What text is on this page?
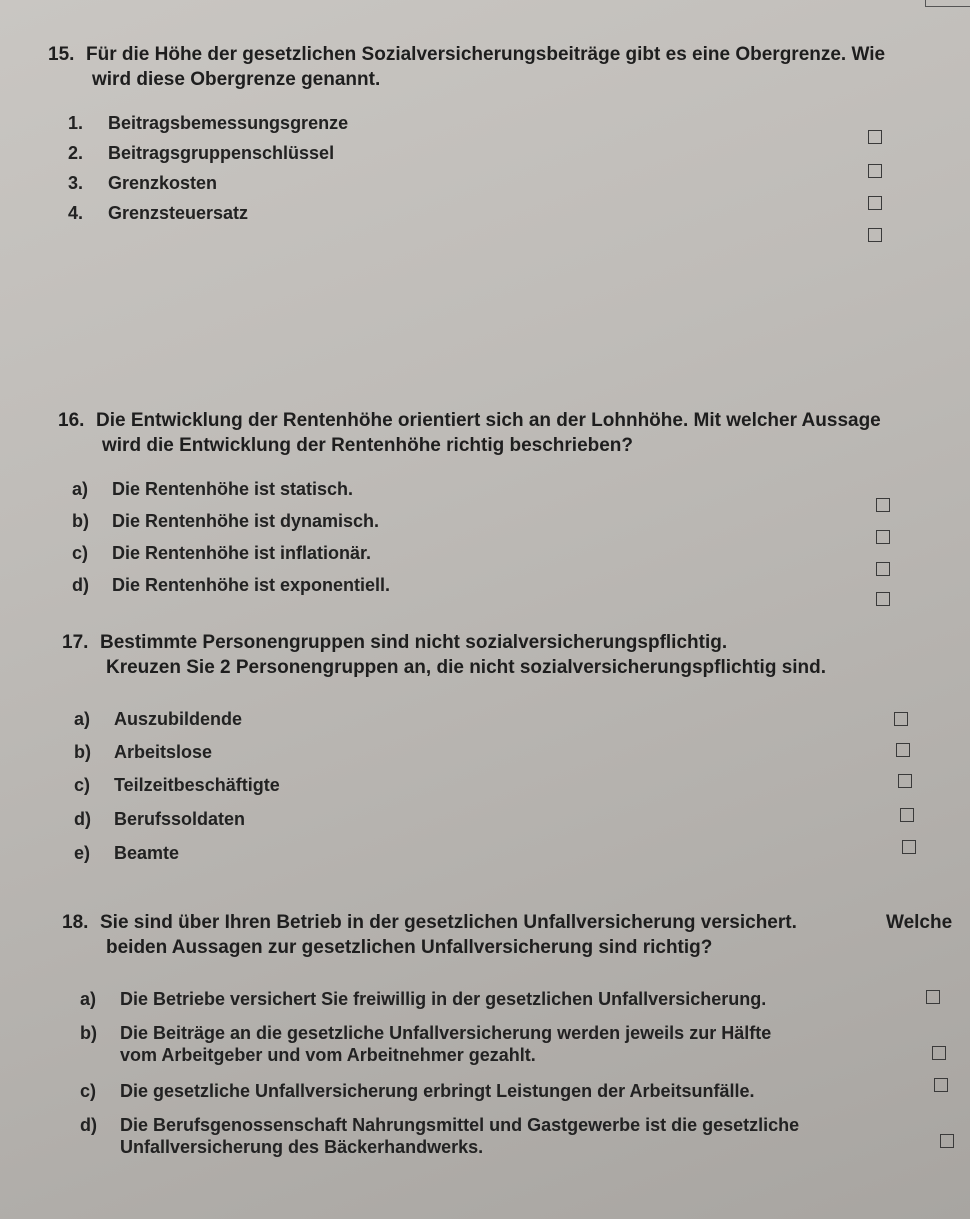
15. Für die Höhe der gesetzlichen Sozialversicherungsbeiträge gibt es eine Obergrenze. Wie
wird diese Obergrenze genannt.
1. Beitragsbemessungsgrenze
2. Beitragsgruppenschlüssel
3. Grenzkosten
4. Grenzsteuersatz
16. Die Entwicklung der Rentenhöhe orientiert sich an der Lohnhöhe. Mit welcher Aussage
wird die Entwicklung der Rentenhöhe richtig beschrieben?
a) Die Rentenhöhe ist statisch.
b) Die Rentenhöhe ist dynamisch.
c) Die Rentenhöhe ist inflationär.
d) Die Rentenhöhe ist exponentiell.
17. Bestimmte Personengruppen sind nicht sozialversicherungspflichtig.
Kreuzen Sie 2 Personengruppen an, die nicht sozialversicherungspflichtig sind.
a) Auszubildende
b) Arbeitslose
c) Teilzeitbeschäftigte
d) Berufssoldaten
e) Beamte
18. Sie sind über Ihren Betrieb in der gesetzlichen Unfallversicherung versichert.	Welche
beiden Aussagen zur gesetzlichen Unfallversicherung sind richtig?
a) Die Betriebe versichert Sie freiwillig in der gesetzlichen Unfallversicherung.
b) Die Beiträge an die gesetzliche Unfallversicherung werden jeweils zur Hälfte
vom Arbeitgeber und vom Arbeitnehmer gezahlt.
c) Die gesetzliche Unfallversicherung erbringt Leistungen der Arbeitsunfälle.
d) Die Berufsgenossenschaft Nahrungsmittel und Gastgewerbe ist die gesetzliche
Unfallversicherung des Bäckerhandwerks.
